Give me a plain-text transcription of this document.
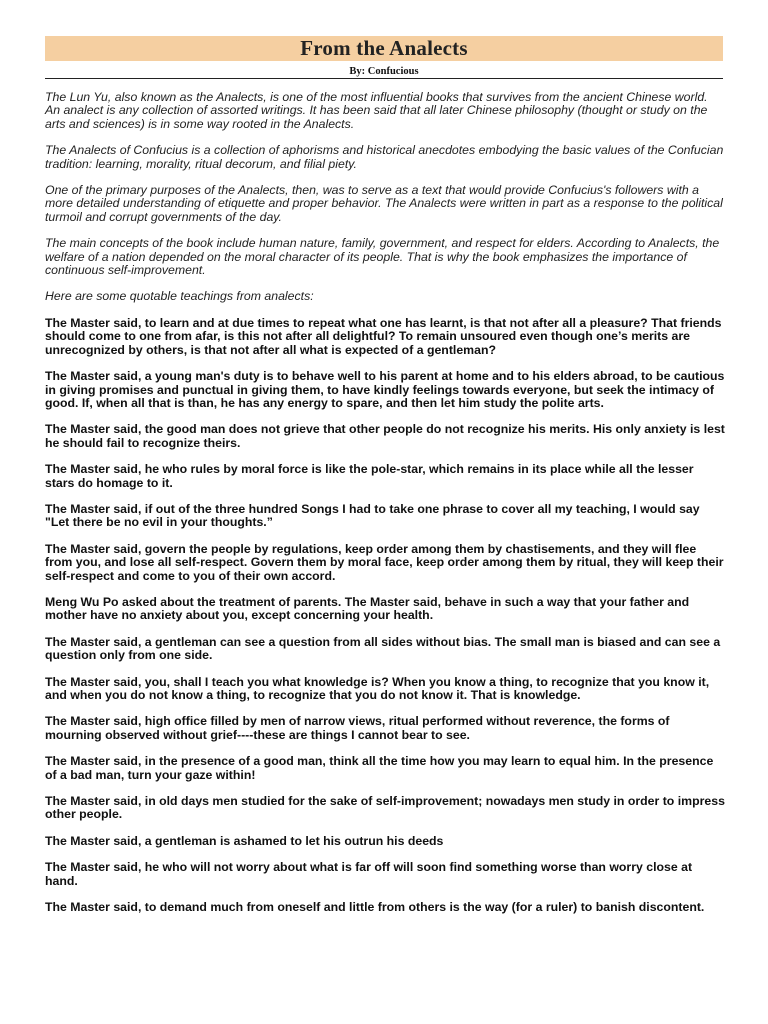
From the Analects
By: Confucious

The Lun Yu, also known as the Analects, is one of the most influential books that survives from the ancient Chinese world. An analect is any collection of assorted writings. It has been said that all later Chinese philosophy (thought or study on the arts and sciences) is in some way rooted in the Analects.

The Analects of Confucius is a collection of aphorisms and historical anecdotes embodying the basic values of the Confucian tradition: learning, morality, ritual decorum, and filial piety.

One of the primary purposes of the Analects, then, was to serve as a text that would provide Confucius's followers with a more detailed understanding of etiquette and proper behavior. The Analects were written in part as a response to the political turmoil and corrupt governments of the day.

The main concepts of the book include human nature, family, government, and respect for elders. According to Analects, the welfare of a nation depended on the moral character of its people. That is why the book emphasizes the importance of continuous self-improvement.

Here are some quotable teachings from analects:

The Master said, to learn and at due times to repeat what one has learnt, is that not after all a pleasure? That friends should come to one from afar, is this not after all delightful? To remain unsoured even though one’s merits are unrecognized by others, is that not after all what is expected of a gentleman?

The Master said, a young man's duty is to behave well to his parent at home and to his elders abroad, to be cautious in giving promises and punctual in giving them, to have kindly feelings towards everyone, but seek the intimacy of good. If, when all that is than, he has any energy to spare, and then let him study the polite arts.

The Master said, the good man does not grieve that other people do not recognize his merits. His only anxiety is lest he should fail to recognize theirs.

The Master said, he who rules by moral force is like the pole-star, which remains in its place while all the lesser stars do homage to it.

The Master said, if out of the three hundred Songs I had to take one phrase to cover all my teaching, I would say "Let there be no evil in your thoughts.”

The Master said, govern the people by regulations, keep order among them by chastisements, and they will flee from you, and lose all self-respect. Govern them by moral face, keep order among them by ritual, they will keep their self-respect and come to you of their own accord.

Meng Wu Po asked about the treatment of parents. The Master said, behave in such a way that your father and mother have no anxiety about you, except concerning your health.

The Master said, a gentleman can see a question from all sides without bias. The small man is biased and can see a question only from one side.

The Master said, you, shall I teach you what knowledge is? When you know a thing, to recognize that you know it, and when you do not know a thing, to recognize that you do not know it. That is knowledge.

The Master said, high office filled by men of narrow views, ritual performed without reverence, the forms of mourning observed without grief----these are things I cannot bear to see.

The Master said, in the presence of a good man, think all the time how you may learn to equal him. In the presence of a bad man, turn your gaze within!

The Master said, in old days men studied for the sake of self-improvement; nowadays men study in order to impress other people.

The Master said, a gentleman is ashamed to let his outrun his deeds

The Master said, he who will not worry about what is far off will soon find something worse than worry close at hand.

The Master said, to demand much from oneself and little from others is the way (for a ruler) to banish discontent.
